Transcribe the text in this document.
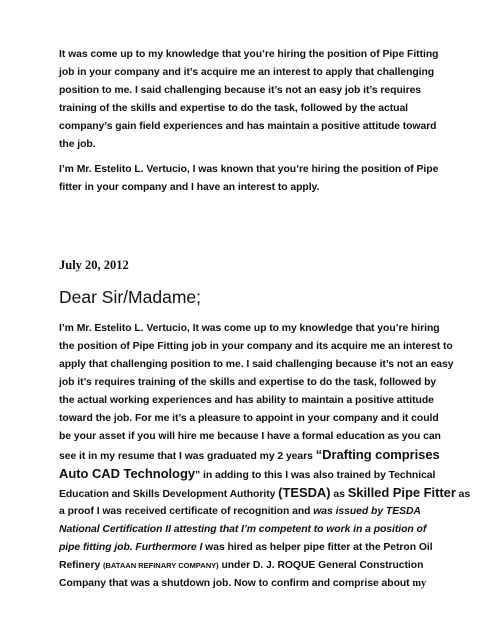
It was come up to my knowledge that you’re hiring the position of Pipe Fitting

job in your company and it’s acquire me an interest to apply that challenging

position to me. I said challenging because it’s not an easy job it’s requires

training of the skills and expertise to do the task, followed by the actual

company’s gain field experiences and has maintain a positive attitude toward

the job.

I’m Mr. Estelito L. Vertucio, I was known that you’re hiring the position of Pipe

fitter in your company and I have an interest to apply.

July 20, 2012

Dear Sir/Madame;

I’m Mr. Estelito L. Vertucio, It was come up to my knowledge that you’re hiring

the position of Pipe Fitting job in your company and its acquire me an interest to

apply that challenging position to me. I said challenging because it’s not an easy

job it’s requires training of the skills and expertise to do the task, followed by

the actual working experiences and has ability to maintain a positive attitude

toward the job. For me it’s a pleasure to appoint in your company and it could

be your asset if you will hire me because I have a formal education as you can

see it in my resume that I was graduated my 2 years “Drafting comprises

Auto CAD Technology” in adding to this I was also trained by Technical

Education and Skills Development Authority (TESDA) as Skilled Pipe Fitter as

a proof I was received certificate of recognition and was issued by TESDA

National Certification II attesting that I’m competent to work in a position of

pipe fitting job. Furthermore I was hired as helper pipe fitter at the Petron Oil

Refinery (BATAAN REFINARY COMPANY) under D. J. ROQUE General Construction

Company that was a shutdown job. Now to confirm and comprise about my
